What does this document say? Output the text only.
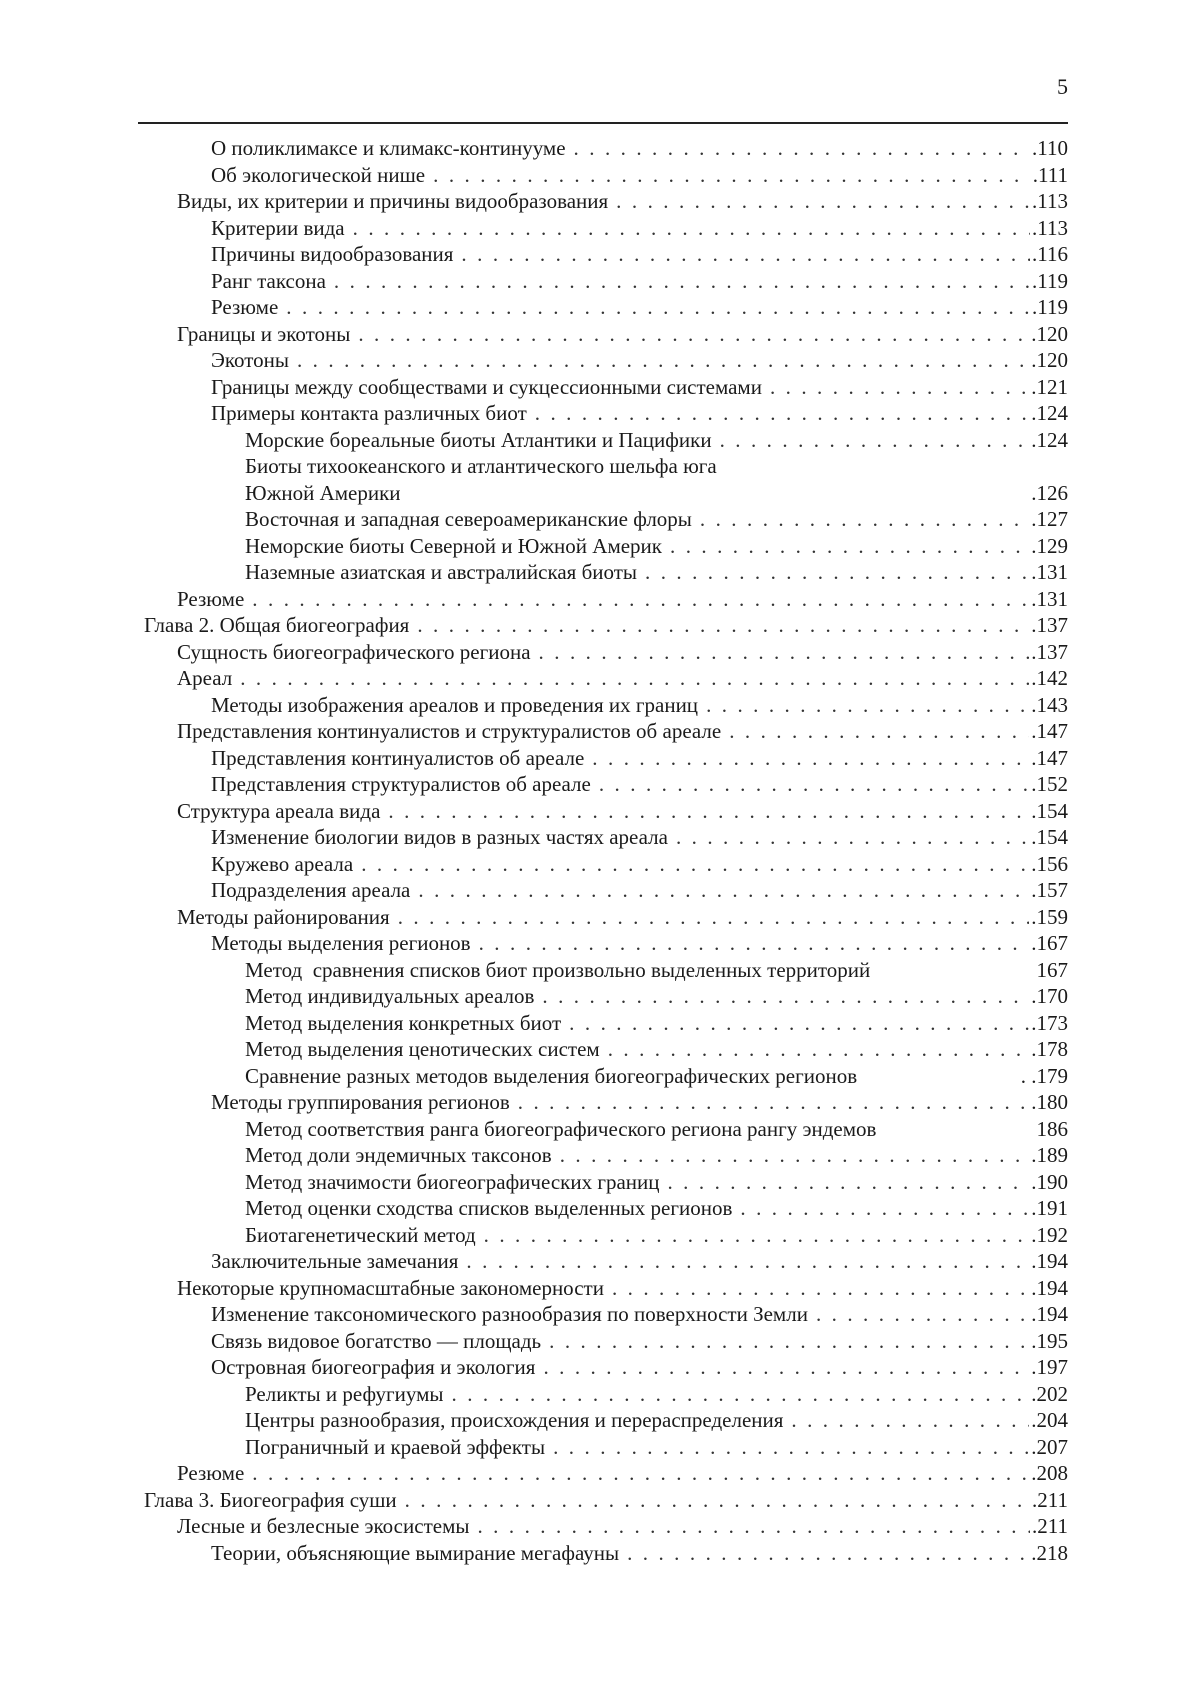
5
О поликлимаксе и климакс-континууме . . .	.110
Об экологической нише . . .	.111
Виды, их критерии и причины видообразования . . .	.113
Критерии вида . . .	.113
Причины видообразования . . .	.116
Ранг таксона . . .	.119
Резюме . . .	.119
Границы и экотоны . . .	.120
Экотоны . . .	.120
Границы между сообществами и сукцессионными системами . . .	.121
Примеры контакта различных биот . . .	.124
Морские бореальные биоты Атлантики и Пацифики . . .	.124
Биоты тихоокеанского и атлантического шельфа юга
Южной Америки	.126
Восточная и западная североамериканские флоры . . .	.127
Неморские биоты Северной и Южной Америк . . .	.129
Наземные азиатская и австралийская биоты . . .	.131
Резюме . . .	.131
Глава 2. Общая биогеография . . .	.137
Сущность биогеографического региона . . .	.137
Ареал . . .	.142
Методы изображения ареалов и проведения их границ . . .	.143
Представления континуалистов и структуралистов об ареале . . .	.147
Представления континуалистов об ареале . . .	.147
Представления структуралистов об ареале . . .	.152
Структура ареала вида . . .	.154
Изменение биологии видов в разных частях ареала . . .	.154
Кружево ареала . . .	.156
Подразделения ареала . . .	.157
Методы районирования . . .	.159
Методы выделения регионов . . .	.167
Метод  сравнения списков биот произвольно выделенных территорий	167
Метод индивидуальных ареалов . . .	.170
Метод выделения конкретных биот . . .	.173
Метод выделения ценотических систем . . .	.178
Сравнение разных методов выделения биогеографических регионов	. .179
Методы группирования регионов . . .	.180
Метод соответствия ранга биогеографического региона рангу эндемов	186
Метод доли эндемичных таксонов . . .	.189
Метод значимости биогеографических границ . . .	.190
Метод оценки сходства списков выделенных регионов . . .	.191
Биотагенетический метод . . .	.192
Заключительные замечания . . .	.194
Некоторые крупномасштабные закономерности . . .	.194
Изменение таксономического разнообразия по поверхности Земли . . .	.194
Связь видовое богатство — площадь . . .	.195
Островная биогеография и экология . . .	.197
Реликты и рефугиумы . . .	.202
Центры разнообразия, происхождения и перераспределения . . .	.204
Пограничный и краевой эффекты . . .	.207
Резюме . . .	.208
Глава 3. Биогеография суши . . .	.211
Лесные и безлесные экосистемы . . .	.211
Теории, объясняющие вымирание мегафауны . . .	.218
